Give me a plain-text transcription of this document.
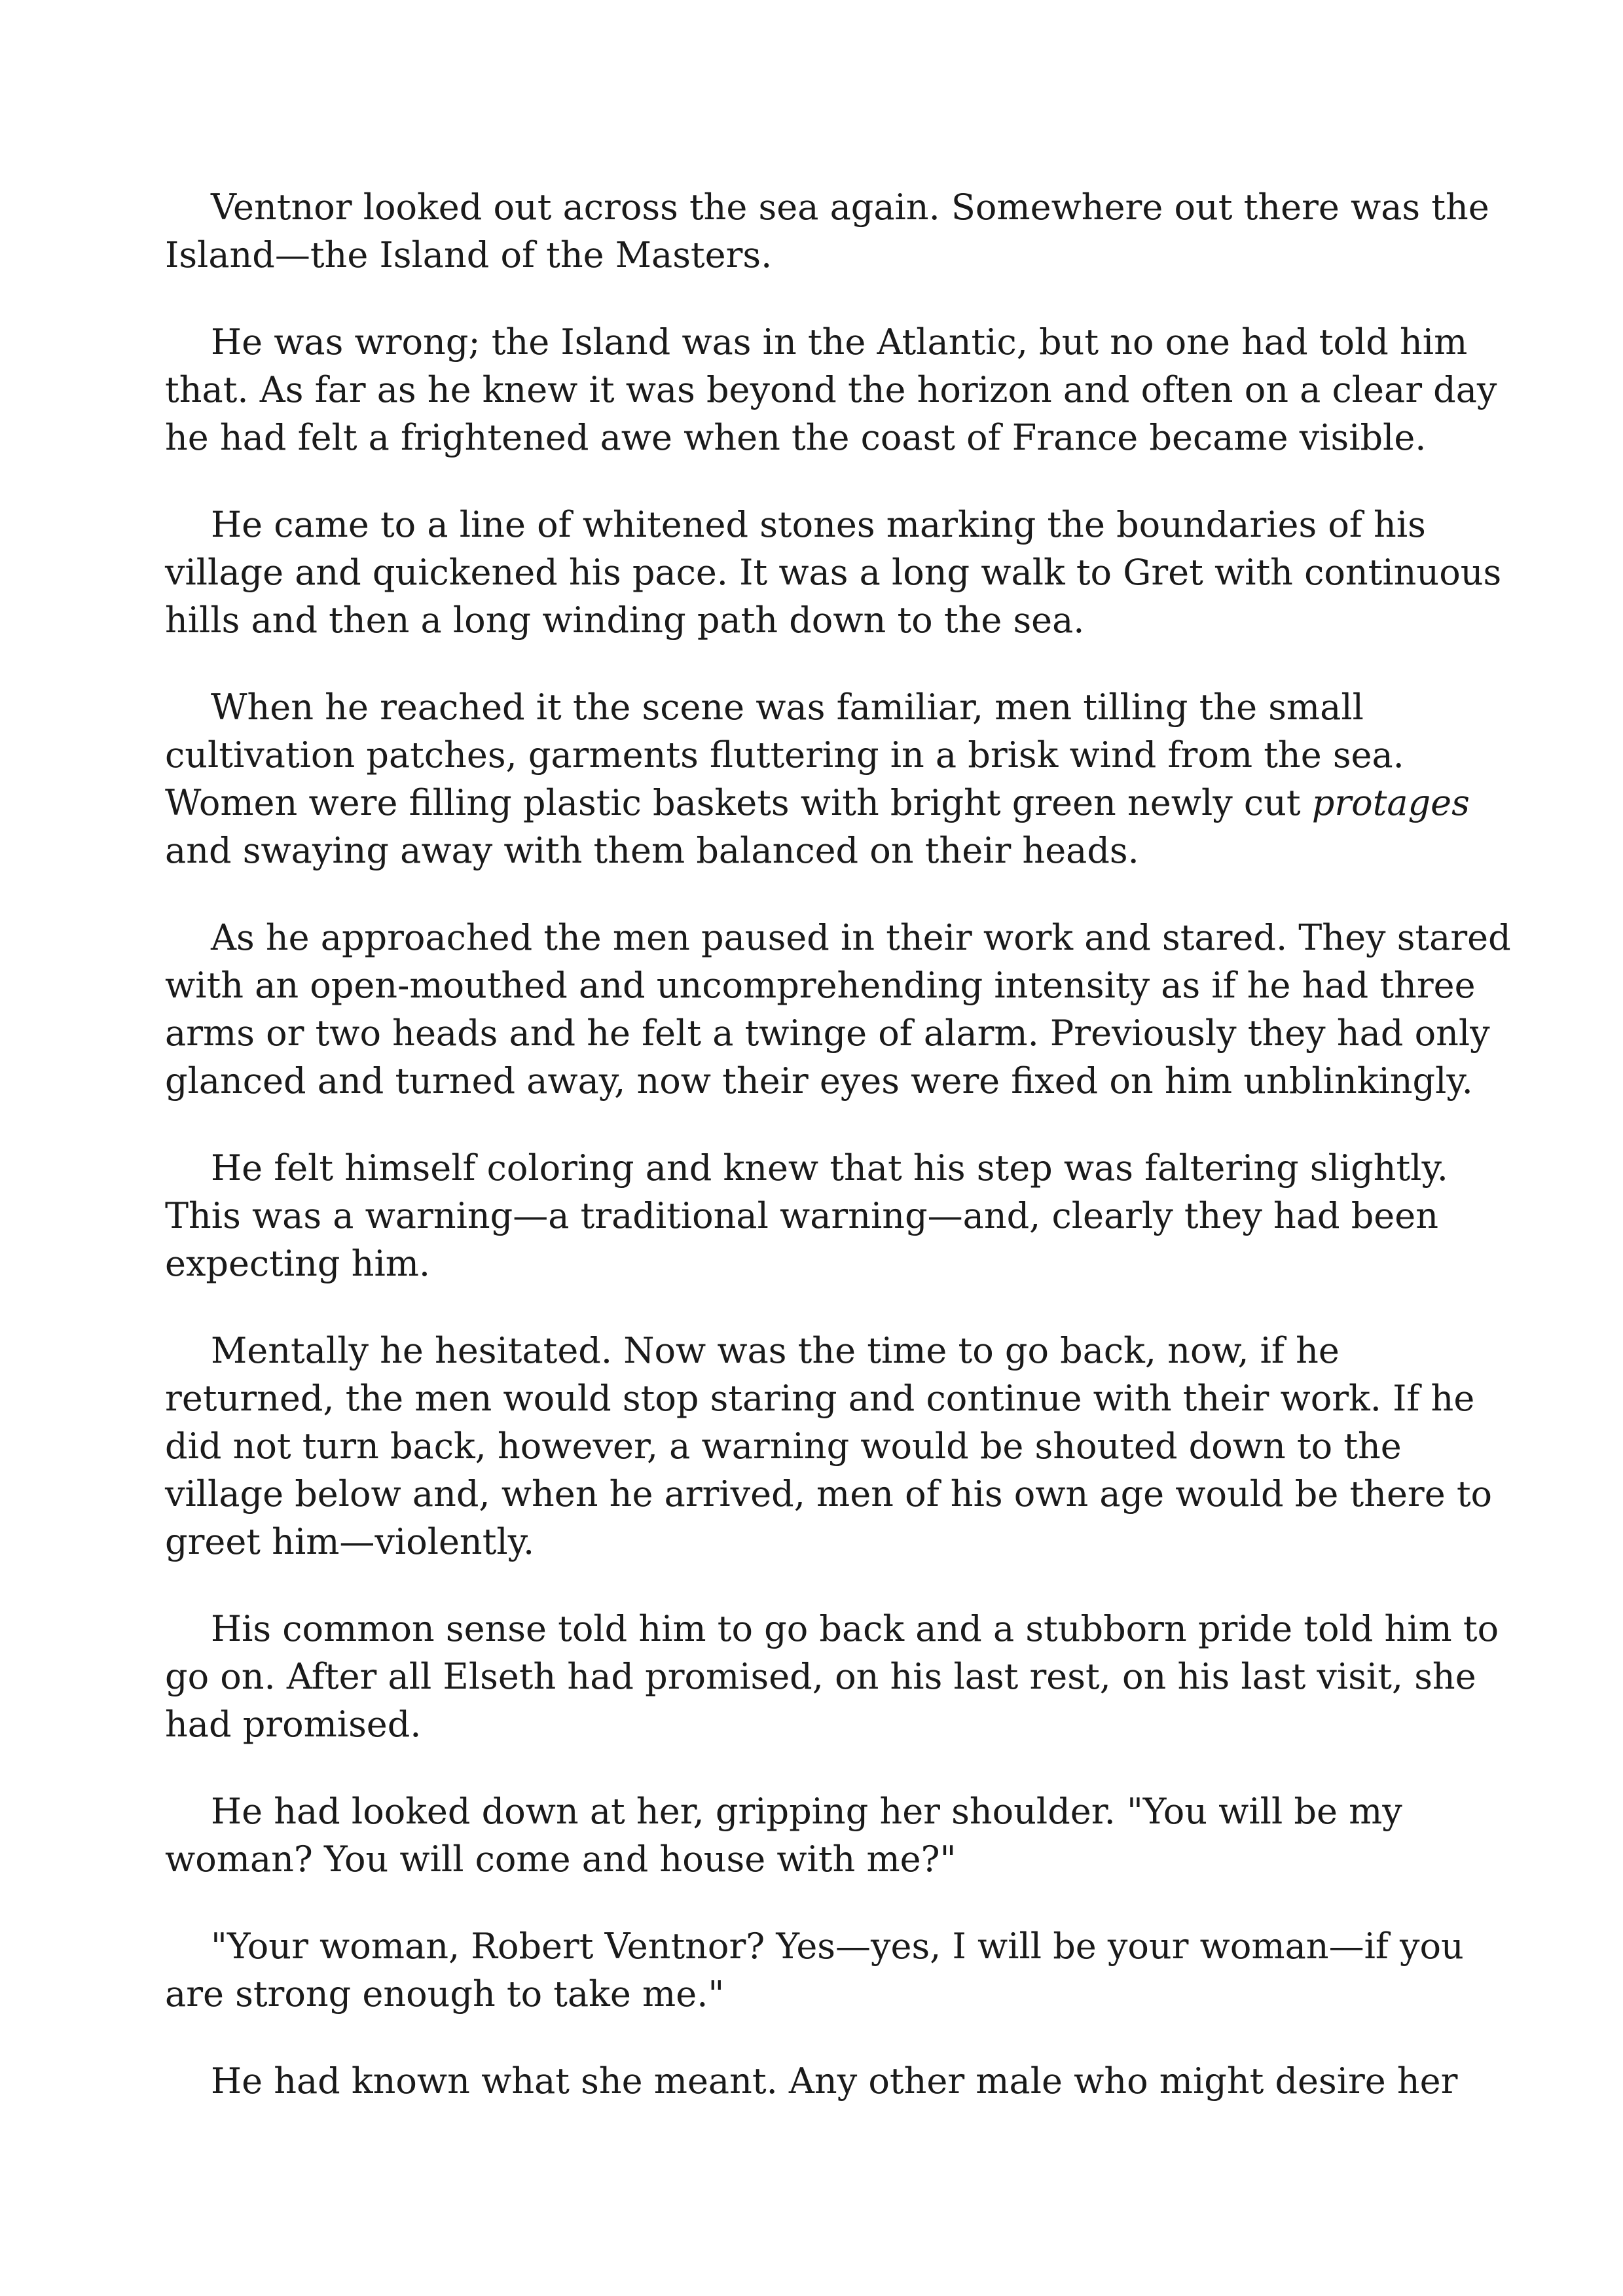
Ventnor looked out across the sea again. Somewhere out there was the
Island—the Island of the Masters.

He was wrong; the Island was in the Atlantic, but no one had told him
that. As far as he knew it was beyond the horizon and often on a clear day
he had felt a frightened awe when the coast of France became visible.

He came to a line of whitened stones marking the boundaries of his
village and quickened his pace. It was a long walk to Gret with continuous
hills and then a long winding path down to the sea.

When he reached it the scene was familiar, men tilling the small
cultivation patches, garments fluttering in a brisk wind from the sea.
Women were filling plastic baskets with bright green newly cut protages
and swaying away with them balanced on their heads.

As he approached the men paused in their work and stared. They stared
with an open-mouthed and uncomprehending intensity as if he had three
arms or two heads and he felt a twinge of alarm. Previously they had only
glanced and turned away, now their eyes were fixed on him unblinkingly.

He felt himself coloring and knew that his step was faltering slightly.
This was a warning—a traditional warning—and, clearly they had been
expecting him.

Mentally he hesitated. Now was the time to go back, now, if he
returned, the men would stop staring and continue with their work. If he
did not turn back, however, a warning would be shouted down to the
village below and, when he arrived, men of his own age would be there to
greet him—violently.

His common sense told him to go back and a stubborn pride told him to
go on. After all Elseth had promised, on his last rest, on his last visit, she
had promised.

He had looked down at her, gripping her shoulder. "You will be my
woman? You will come and house with me?"

"Your woman, Robert Ventnor? Yes—yes, I will be your woman—if you
are strong enough to take me."

He had known what she meant. Any other male who might desire her
